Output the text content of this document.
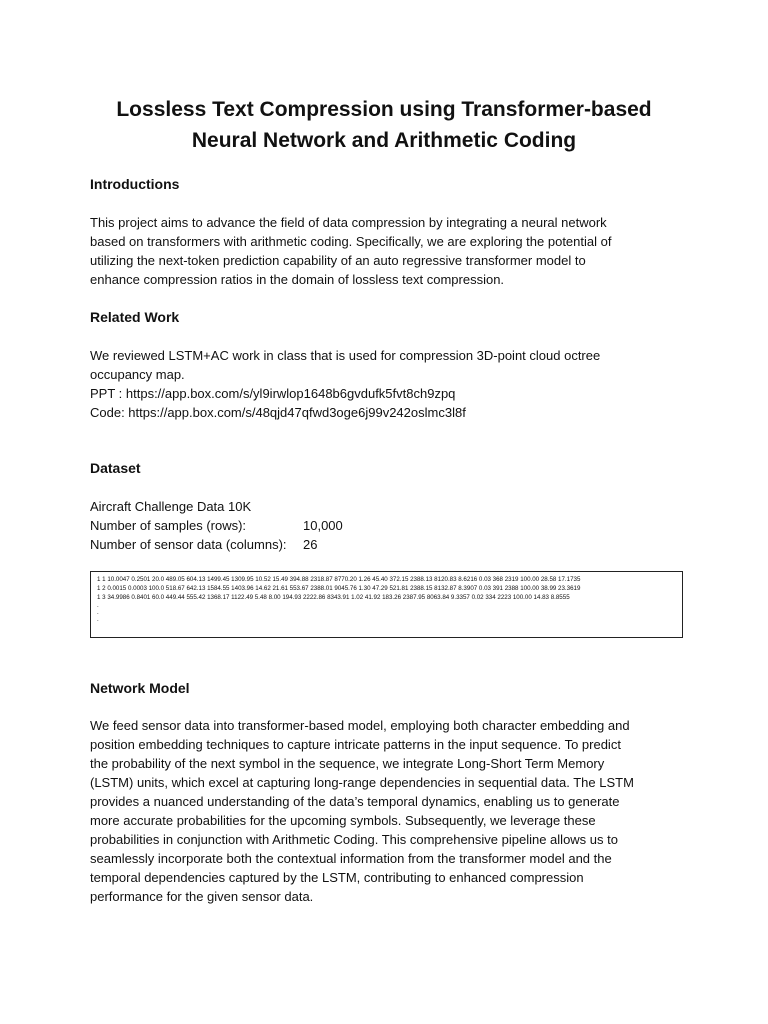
Lossless Text Compression using Transformer-based
Neural Network and Arithmetic Coding
Introductions
This project aims to advance the field of data compression by integrating a neural network
based on transformers with arithmetic coding. Specifically, we are exploring the potential of
utilizing the next-token prediction capability of an auto regressive transformer model to
enhance compression ratios in the domain of lossless text compression.
Related Work
We reviewed LSTM+AC work in class that is used for compression 3D-point cloud octree
occupancy map.
PPT : https://app.box.com/s/yl9irwlop1648b6gvdufk5fvt8ch9zpq
Code: https://app.box.com/s/48qjd47qfwd3oge6j99v242oslmc3l8f
Dataset
Aircraft Challenge Data 10K
Number of samples (rows):	10,000
Number of sensor data (columns): 26
1 1 10.0047 0.2501 20.0 489.05 604.13 1499.45 1309.95 10.52 15.49 394.88 2318.87 8770.20 1.26 45.40 372.15 2388.13 8120.83 8.6216 0.03 368 2319 100.00 28.58 17.1735
1 2 0.0015 0.0003 100.0 518.67 642.13 1584.55 1403.96 14.62 21.61 553.67 2388.01 9045.76 1.30 47.29 521.81 2388.15 8132.87 8.3907 0.03 391 2388 100.00 38.99 23.3619
1 3 34.9986 0.8401 60.0 449.44 555.42 1368.17 1122.49 5.48 8.00 194.93 2222.86 8343.91 1.02 41.92 183.26 2387.95 8063.84 9.3357 0.02 334 2223 100.00 14.83 8.8555
.
.
.
Network Model
We feed sensor data into transformer-based model, employing both character embedding and
position embedding techniques to capture intricate patterns in the input sequence. To predict
the probability of the next symbol in the sequence, we integrate Long-Short Term Memory
(LSTM) units, which excel at capturing long-range dependencies in sequential data. The LSTM
provides a nuanced understanding of the data’s temporal dynamics, enabling us to generate
more accurate probabilities for the upcoming symbols. Subsequently, we leverage these
probabilities in conjunction with Arithmetic Coding. This comprehensive pipeline allows us to
seamlessly incorporate both the contextual information from the transformer model and the
temporal dependencies captured by the LSTM, contributing to enhanced compression
performance for the given sensor data.
